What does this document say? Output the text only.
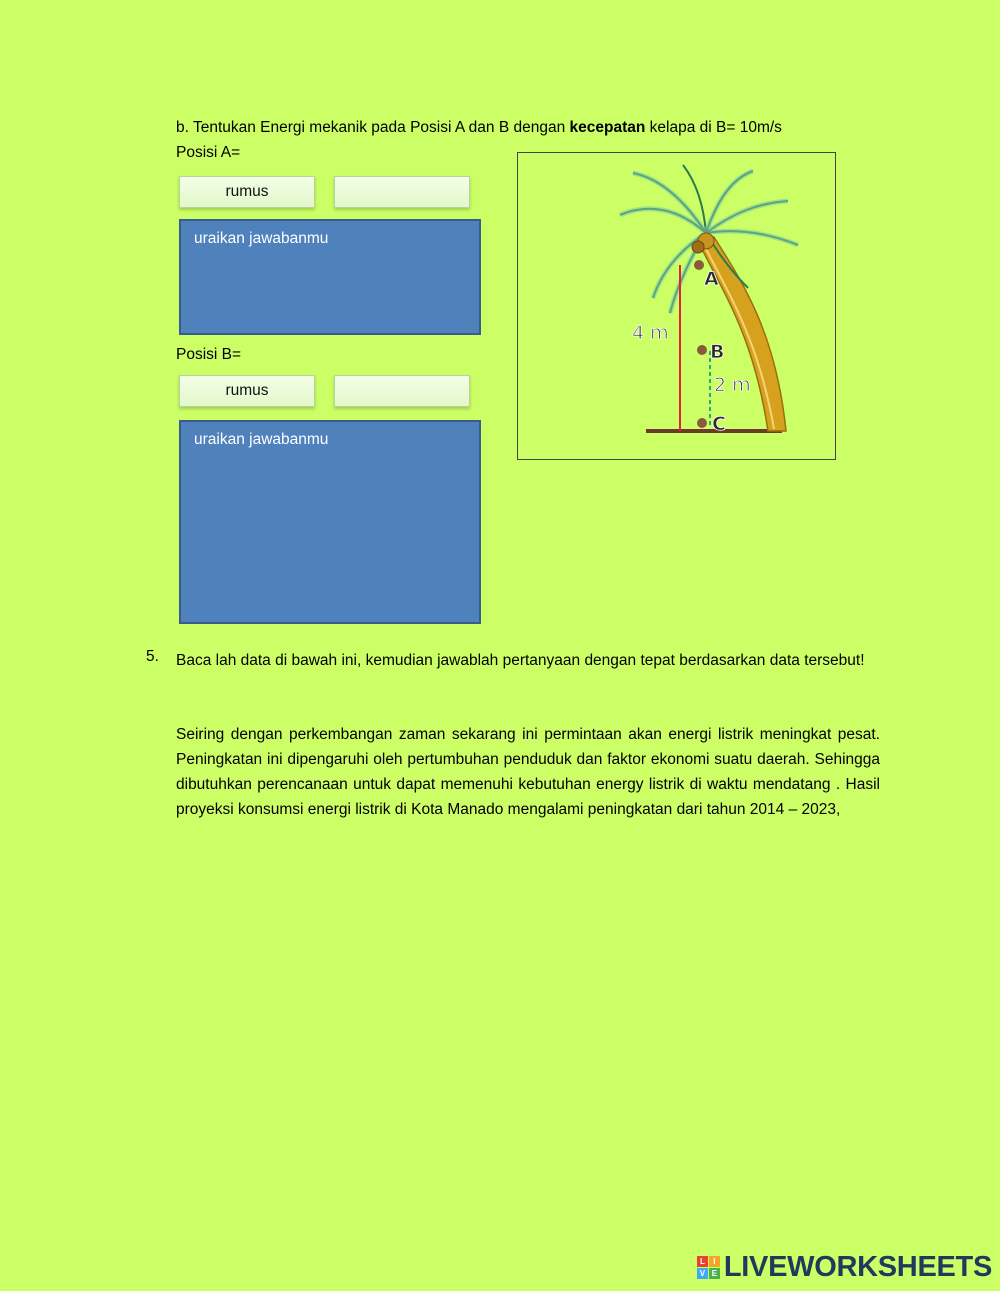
b. Tentukan Energi mekanik pada Posisi A dan B dengan kecepatan kelapa di B= 10m/s
Posisi A=
rumus
uraikan jawabanmu
Posisi B=
rumus
uraikan jawabanmu
A
B
C
4 m
2 m
5. Baca lah data di bawah ini, kemudian jawablah pertanyaan dengan tepat berdasarkan data tersebut!
Seiring dengan perkembangan zaman sekarang ini permintaan akan energi listrik meningkat pesat. Peningkatan ini dipengaruhi oleh pertumbuhan penduduk dan faktor ekonomi suatu daerah. Sehingga dibutuhkan perencanaan untuk dapat memenuhi kebutuhan energy listrik di waktu mendatang . Hasil proyeksi konsumsi energi listrik di Kota Manado mengalami peningkatan dari tahun 2014 – 2023,
L	I
V E LIVEWORKSHEETS
